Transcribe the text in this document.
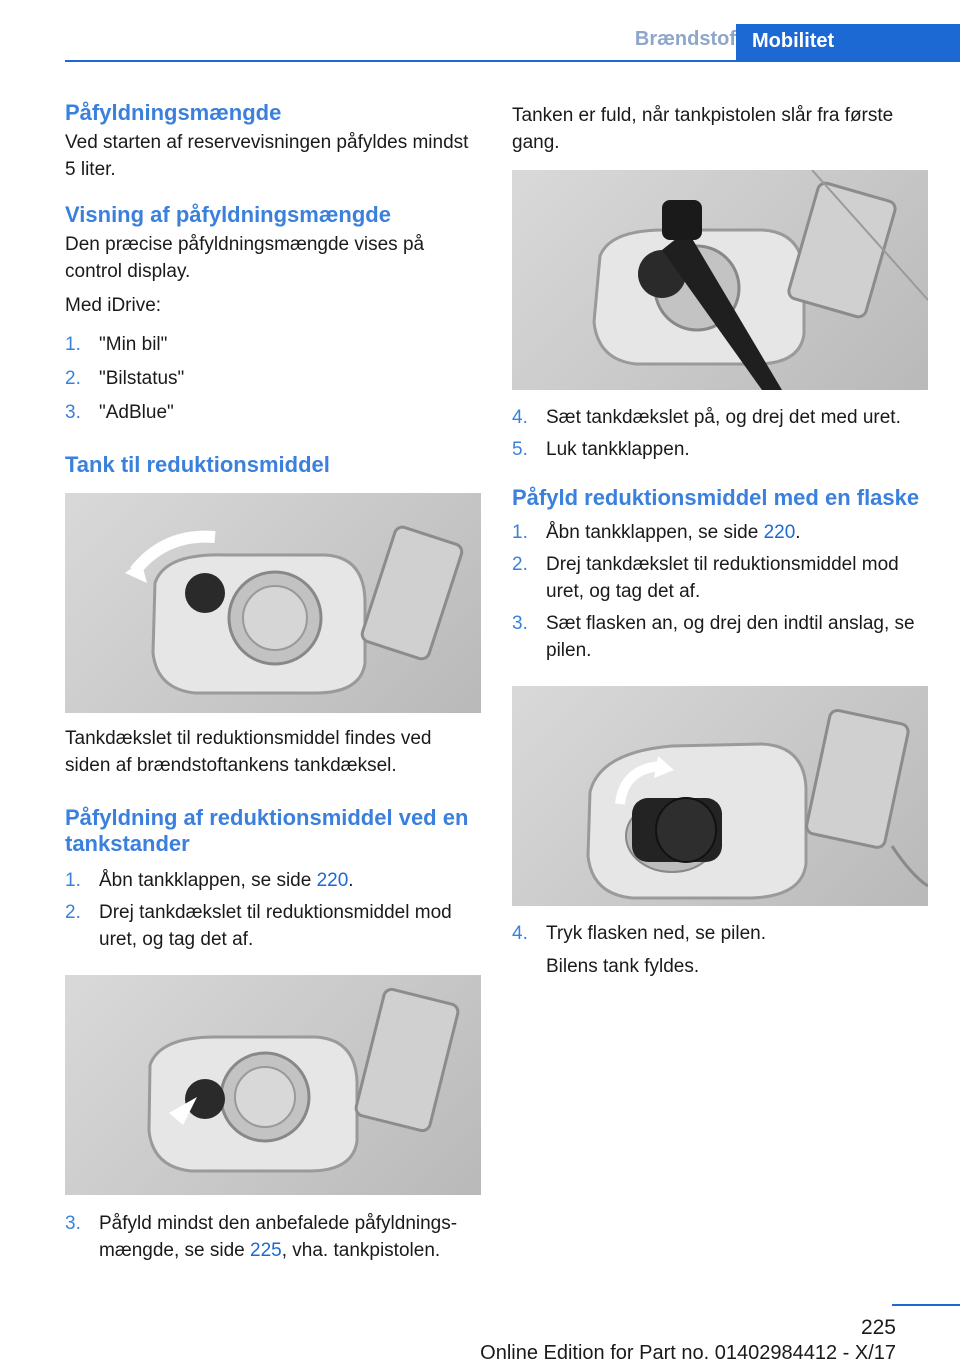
Brændstof Mobilitet
Påfyldningsmængde

Ved starten af reservevisningen påfyldes mindst 5 liter.

Visning af påfyldningsmængde

Den præcise påfyldningsmængde vises på control display.

Med iDrive:

1. "Min bil"
2. "Bilstatus"
3. "AdBlue"
Tank til reduktionsmiddel

Tankdækslet til reduktionsmiddel findes ved siden af brændstoftankens tankdæksel.

Påfyldning af reduktionsmiddel ved en tankstander
1. Åbn tankklappen, se side 220.
2. Drej tankdækslet til reduktionsmiddel mod uret, og tag det af.
3. Påfyld mindst den anbefalede påfyldningsmængde, se side 225, vha. tankpistolen.

Tanken er fuld, når tankpistolen slår fra første gang.

4. Sæt tankdækslet på, og drej det med uret.
5. Luk tankklappen.
Påfyld reduktionsmiddel med en flaske
1. Åbn tankklappen, se side 220.
2. Drej tankdækslet til reduktionsmiddel mod uret, og tag det af.
3. Sæt flasken an, og drej den indtil anslag, se pilen.
4. Tryk flasken ned, se pilen.
Bilens tank fyldes.
225
Online Edition for Part no. 01402984412 - X/17
